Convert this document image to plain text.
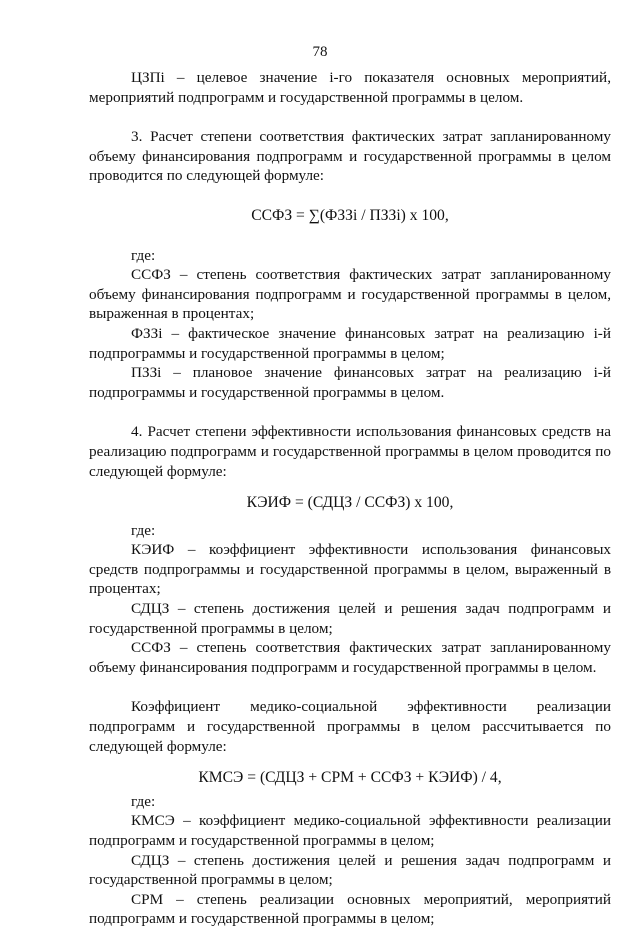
78

ЦЗПi – целевое значение i-го показателя основных мероприятий, мероприятий подпрограмм и государственной программы в целом.

3. Расчет степени соответствия фактических затрат запланированному объему финансирования подпрограмм и государственной программы в целом проводится по следующей формуле:

ССФЗ = ∑(ФЗЗi / ПЗЗi) х 100,

где:

ССФЗ – степень соответствия фактических затрат запланированному объему финансирования подпрограмм и государственной программы в целом, выраженная в процентах;

ФЗЗi – фактическое значение финансовых затрат на реализацию i-й подпрограммы и государственной программы в целом;

ПЗЗi – плановое значение финансовых затрат на реализацию i-й подпрограммы и государственной программы в целом.

4. Расчет степени эффективности использования финансовых средств на реализацию подпрограмм и государственной программы в целом проводится по следующей формуле:

КЭИФ = (СДЦЗ / ССФЗ) х 100,

где:

КЭИФ – коэффициент эффективности использования финансовых средств подпрограммы и государственной программы в целом, выраженный в процентах;

СДЦЗ – степень достижения целей и решения задач подпрограмм и государственной программы в целом;

ССФЗ – степень соответствия фактических затрат запланированному объему финансирования подпрограмм и государственной программы в целом.

Коэффициент медико-социальной эффективности реализации подпрограмм и государственной программы в целом рассчитывается по следующей формуле:

КМСЭ = (СДЦЗ + СРМ + ССФЗ + КЭИФ) / 4,

где:

КМСЭ – коэффициент медико-социальной эффективности реализации подпрограмм и государственной программы в целом;

СДЦЗ – степень достижения целей и решения задач подпрограмм и государственной программы в целом;

СРМ – степень реализации основных мероприятий, мероприятий подпрограмм и государственной программы в целом;
